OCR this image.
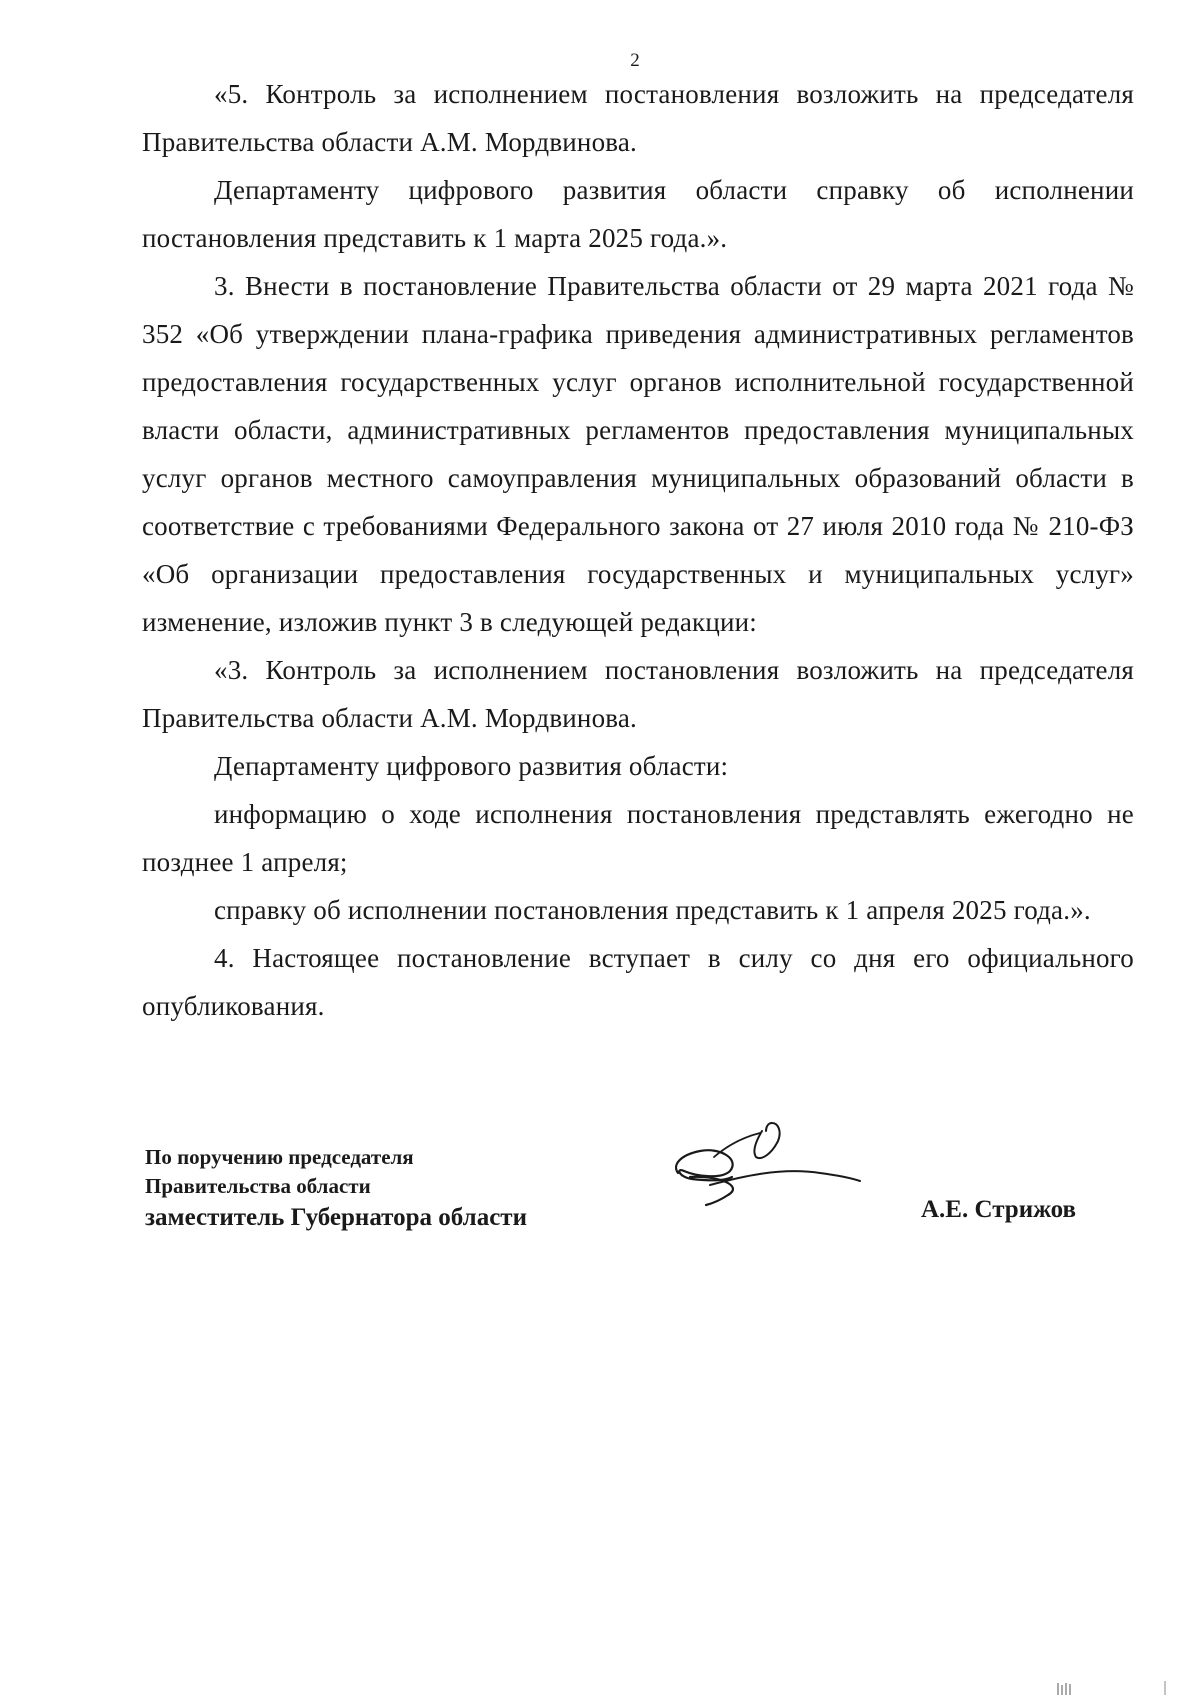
2

«5. Контроль за исполнением постановления возложить на председателя Правительства области А.М. Мордвинова.

Департаменту цифрового развития области справку об исполнении постановления представить к 1 марта 2025 года.».

3. Внести в постановление Правительства области от 29 марта 2021 года № 352 «Об утверждении плана-графика приведения административных регламентов предоставления государственных услуг органов исполнительной государственной власти области, административных регламентов предоставления муниципальных услуг органов местного самоуправления муниципальных образований области в соответствие с требованиями Федерального закона от 27 июля 2010 года № 210-ФЗ «Об организации предоставления государственных и муниципальных услуг» изменение, изложив пункт 3 в следующей редакции:

«3. Контроль за исполнением постановления возложить на председателя Правительства области А.М. Мордвинова.

Департаменту цифрового развития области:

информацию о ходе исполнения постановления представлять ежегодно не позднее 1 апреля;

справку об исполнении постановления представить к 1 апреля 2025 года.».

4. Настоящее постановление вступает в силу со дня его официального опубликования.

По поручению председателя
Правительства области
заместитель Губернатора области	А.Е. Стрижов
